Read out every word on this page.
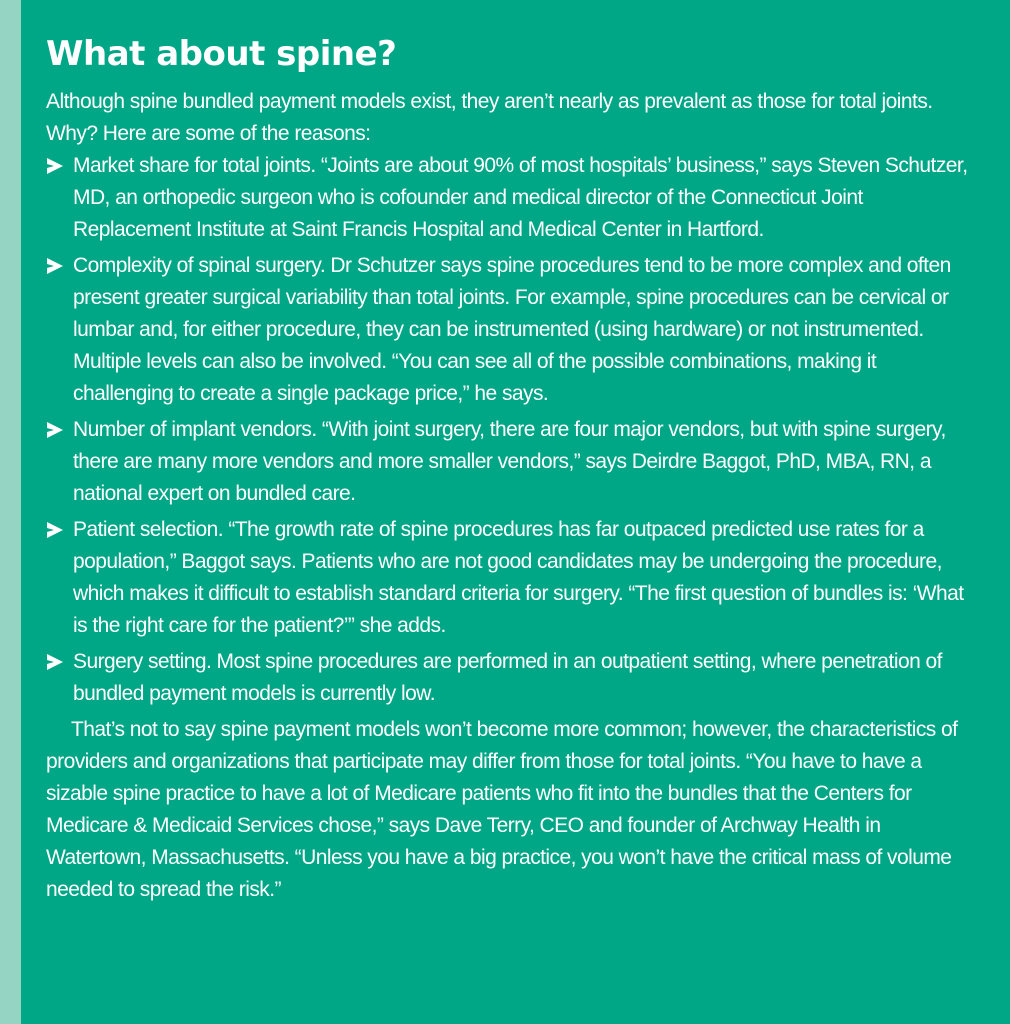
What about spine?

Although spine bundled payment models exist, they aren’t nearly as prevalent as those for total joints. Why? Here are some of the reasons:

Market share for total joints. “Joints are about 90% of most hospitals’ business,” says Steven Schutzer, MD, an orthopedic surgeon who is cofounder and medical director of the Connecticut Joint Replacement Institute at Saint Francis Hospital and Medical Center in Hartford.
Complexity of spinal surgery. Dr Schutzer says spine procedures tend to be more complex and often present greater surgical variability than total joints. For example, spine procedures can be cervical or lumbar and, for either procedure, they can be instrumented (using hardware) or not instrumented. Multiple levels can also be involved. “You can see all of the possible combinations, making it challenging to create a single package price,” he says.
Number of implant vendors. “With joint surgery, there are four major vendors, but with spine surgery, there are many more vendors and more smaller vendors,” says Deirdre Baggot, PhD, MBA, RN, a national expert on bundled care.
Patient selection. “The growth rate of spine procedures has far outpaced predicted use rates for a population,” Baggot says. Patients who are not good candidates may be undergoing the procedure, which makes it difficult to establish standard criteria for surgery. “The first question of bundles is: ‘What is the right care for the patient?’” she adds.
Surgery setting. Most spine procedures are performed in an outpatient setting, where penetration of bundled payment models is currently low.

That’s not to say spine payment models won’t become more common; however, the characteristics of providers and organizations that participate may differ from those for total joints. “You have to have a sizable spine practice to have a lot of Medicare patients who fit into the bundles that the Centers for Medicare & Medicaid Services chose,” says Dave Terry, CEO and founder of Archway Health in Watertown, Massachusetts. “Unless you have a big practice, you won’t have the critical mass of volume needed to spread the risk.”
